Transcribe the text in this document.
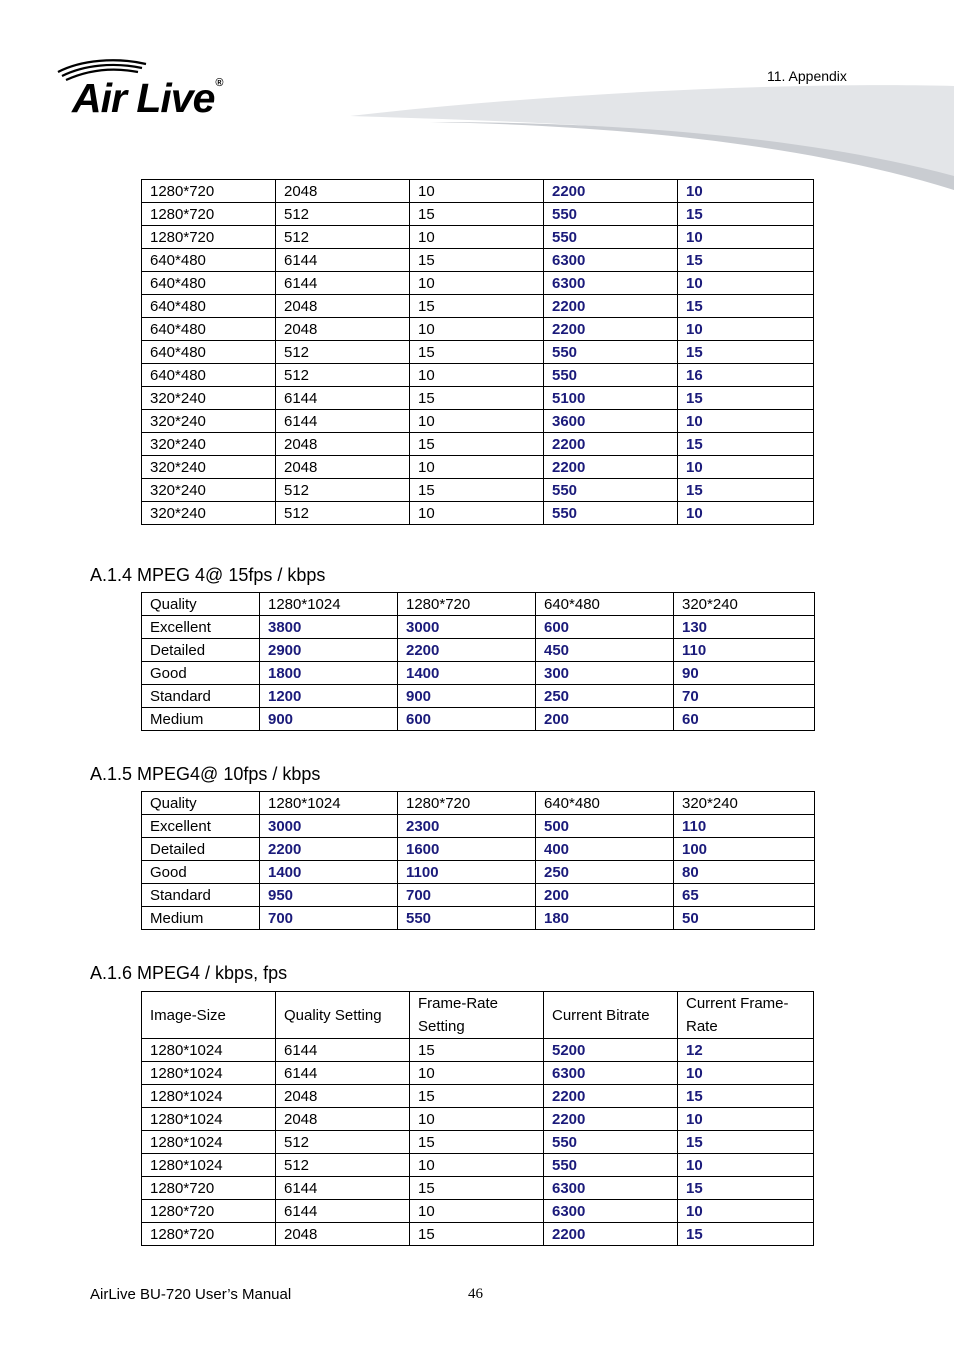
Air Live®	11. Appendix
1280*720	2048	10	2200	10
1280*720	512	15	550	15
1280*720	512	10	550	10
640*480	6144	15	6300	15
640*480	6144	10	6300	10
640*480	2048	15	2200	15
640*480	2048	10	2200	10
640*480	512	15	550	15
640*480	512	10	550	16
320*240	6144	15	5100	15
320*240	6144	10	3600	10
320*240	2048	15	2200	15
320*240	2048	10	2200	10
320*240	512	15	550	15
320*240	512	10	550	10
A.1.4 MPEG 4@ 15fps / kbps
Quality	1280*1024	1280*720	640*480	320*240
Excellent	3800	3000	600	130
Detailed	2900	2200	450	110
Good	1800	1400	300	90
Standard	1200	900	250	70
Medium	900	600	200	60
A.1.5 MPEG4@ 10fps / kbps
Quality	1280*1024	1280*720	640*480	320*240
Excellent	3000	2300	500	110
Detailed	2200	1600	400	100
Good	1400	1100	250	80
Standard	950	700	200	65
Medium	700	550	180	50
A.1.6 MPEG4 / kbps, fps
Image-Size	Quality Setting	Frame-Rate Setting	Current Bitrate	Current Frame-Rate
1280*1024	6144	15	5200	12
1280*1024	6144	10	6300	10
1280*1024	2048	15	2200	15
1280*1024	2048	10	2200	10
1280*1024	512	15	550	15
1280*1024	512	10	550	10
1280*720	6144	15	6300	15
1280*720	6144	10	6300	10
1280*720	2048	15	2200	15
AirLive BU-720 User’s Manual	46
